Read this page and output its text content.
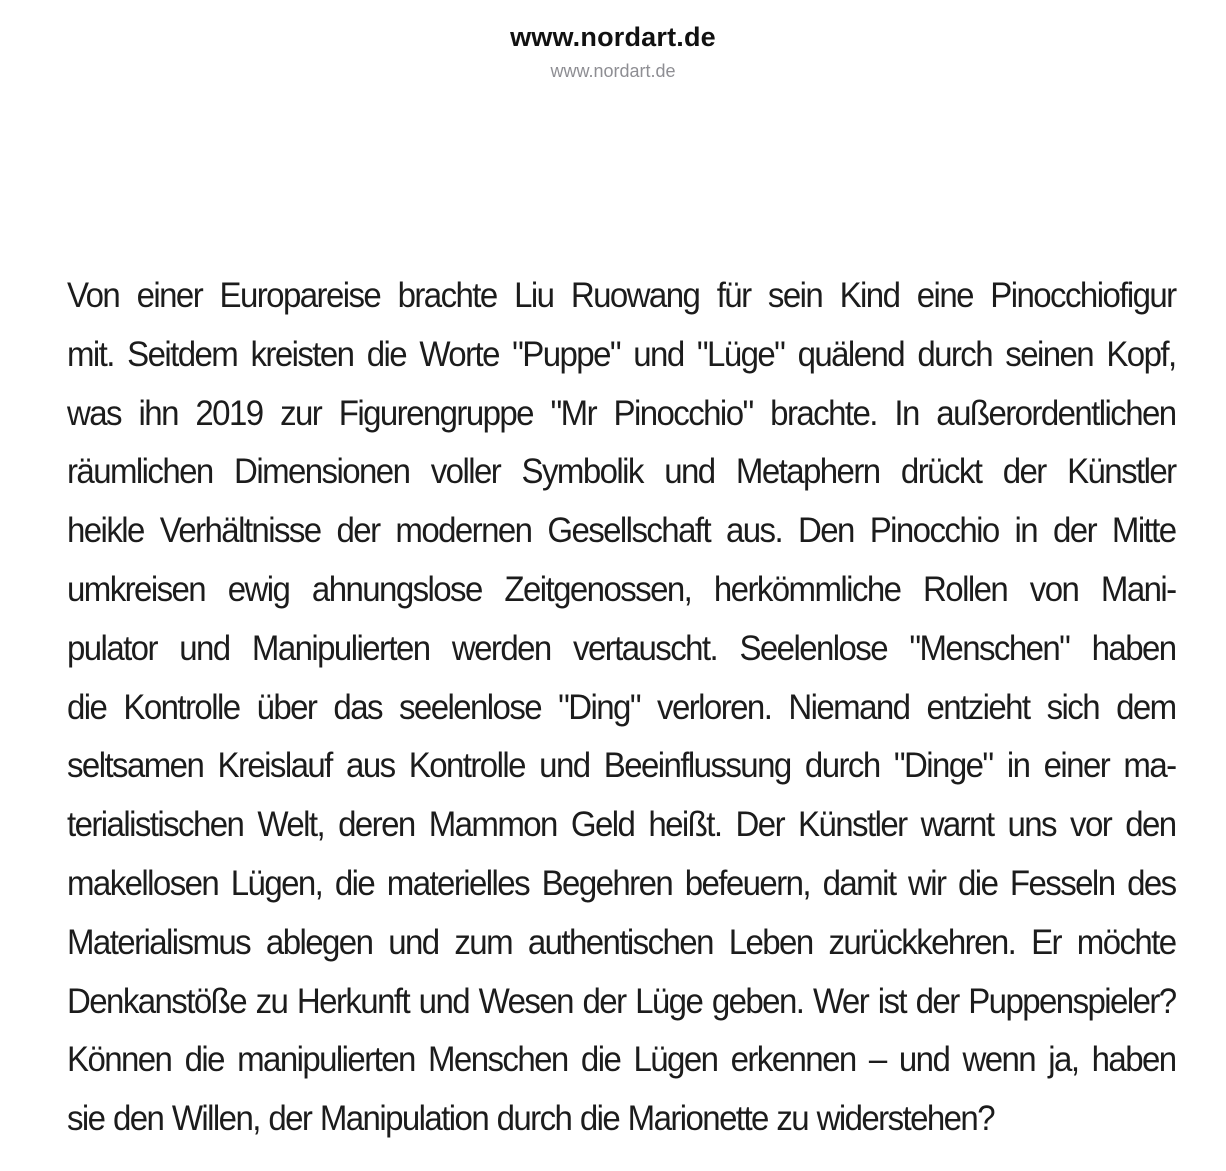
www.nordart.de
www.nordart.de
Von einer Europareise brachte Liu Ruowang für sein Kind eine Pinocchiofigur
mit. Seitdem kreisten die Worte "Puppe" und "Lüge" quälend durch seinen Kopf,
was ihn 2019 zur Figurengruppe "Mr Pinocchio" brachte. In außerordentlichen
räumlichen Dimensionen voller Symbolik und Metaphern drückt der Künstler
heikle Verhältnisse der modernen Gesellschaft aus. Den Pinocchio in der Mitte
umkreisen ewig ahnungslose Zeitgenossen, herkömmliche Rollen von Mani-
pulator und Manipulierten werden vertauscht. Seelenlose "Menschen" haben
die Kontrolle über das seelenlose "Ding" verloren. Niemand entzieht sich dem
seltsamen Kreislauf aus Kontrolle und Beeinflussung durch "Dinge" in einer ma-
terialistischen Welt, deren Mammon Geld heißt. Der Künstler warnt uns vor den
makellosen Lügen, die materielles Begehren befeuern, damit wir die Fesseln des
Materialismus ablegen und zum authentischen Leben zurückkehren. Er möchte
Denkanstöße zu Herkunft und Wesen der Lüge geben. Wer ist der Puppenspieler?
Können die manipulierten Menschen die Lügen erkennen – und wenn ja, haben
sie den Willen, der Manipulation durch die Marionette zu widerstehen?
